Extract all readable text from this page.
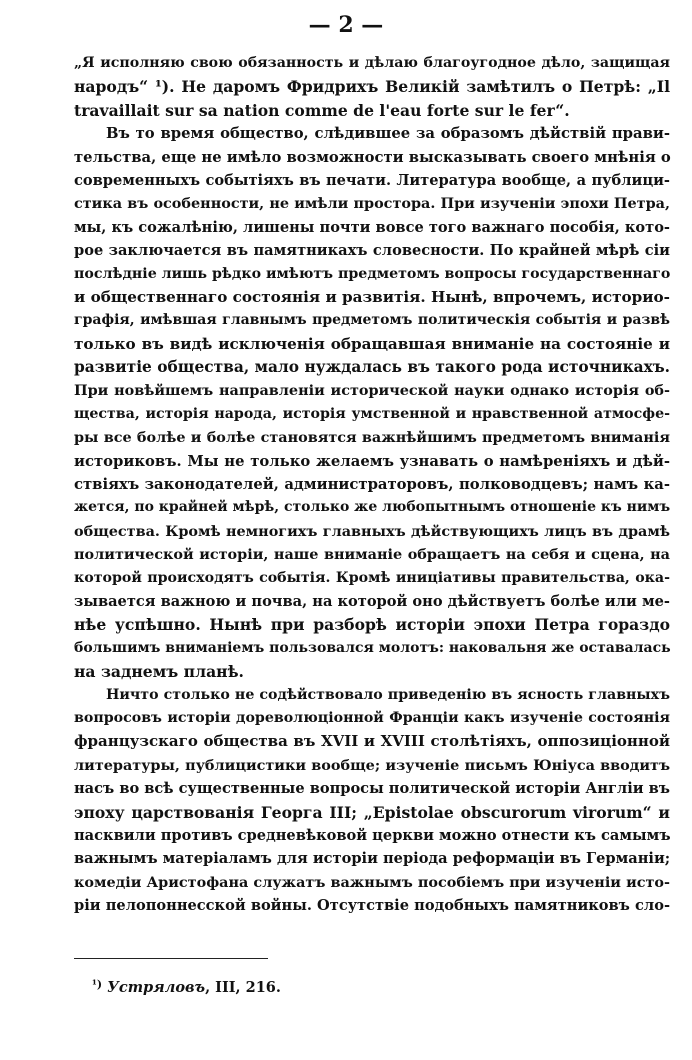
— 2 —
„Я исполняю свою обязанность и дѣлаю благоугодное дѣло, защищая
народъ“ ¹). Не даромъ Фридрихъ Великій замѣтилъ о Петрѣ: „Il
travaillait sur sa nation comme de l'eau forte sur le fer“.
Въ то время общество, слѣдившее за образомъ дѣйствій прави-
тельства, еще не имѣло возможности высказывать своего мнѣнія о
современныхъ событіяхъ въ печати. Литература вообще, а публици-
стика въ особенности, не имѣли простора. При изученіи эпохи Петра,
мы, къ сожалѣнію, лишены почти вовсе того важнаго пособія, кото-
рое заключается въ памятникахъ словесности. По крайней мѣрѣ сіи
послѣдніе лишь рѣдко имѣютъ предметомъ вопросы государственнаго
и общественнаго состоянія и развитія. Нынѣ, впрочемъ, историо-
графія, имѣвшая главнымъ предметомъ политическія событія и развѣ
только въ видѣ исключенія обращавшая вниманіе на состояніе и
развитіе общества, мало нуждалась въ такого рода источникахъ.
При новѣйшемъ направленіи исторической науки однако исторія об-
щества, исторія народа, исторія умственной и нравственной атмосфе-
ры все болѣе и болѣе становятся важнѣйшимъ предметомъ вниманія
историковъ. Мы не только желаемъ узнавать о намѣреніяхъ и дѣй-
ствіяхъ законодателей, администраторовъ, полководцевъ; намъ ка-
жется, по крайней мѣрѣ, столько же любопытнымъ отношеніе къ нимъ
общества. Кромѣ немногихъ главныхъ дѣйствующихъ лицъ въ драмѣ
политической исторіи, наше вниманіе обращаетъ на себя и сцена, на
которой происходятъ событія. Кромѣ иниціативы правительства, ока-
зывается важною и почва, на которой оно дѣйствуетъ болѣе или ме-
нѣе успѣшно. Нынѣ при разборѣ исторіи эпохи Петра гораздо
большимъ вниманіемъ пользовался молотъ: наковальня же оставалась
на заднемъ планѣ.
Ничто столько не содѣйствовало приведенію въ ясность главныхъ
вопросовъ исторіи дореволюціонной Франціи какъ изученіе состоянія
французскаго общества въ XVII и XVIII столѣтіяхъ, оппозиціонной
литературы, публицистики вообще; изученіе письмъ Юніуса вводитъ
насъ во всѣ существенные вопросы политической исторіи Англіи въ
эпоху царствованія Георга III; „Epistolae obscurorum virorum“ и
пасквили противъ средневѣковой церкви можно отнести къ самымъ
важнымъ матеріаламъ для исторіи періода реформаціи въ Германіи;
комедіи Аристофана служатъ важнымъ пособіемъ при изученіи исто-
ріи пелопоннесской войны. Отсутствіе подобныхъ памятниковъ сло-
$^{^1)}$ Устряловъ, III, 216.
